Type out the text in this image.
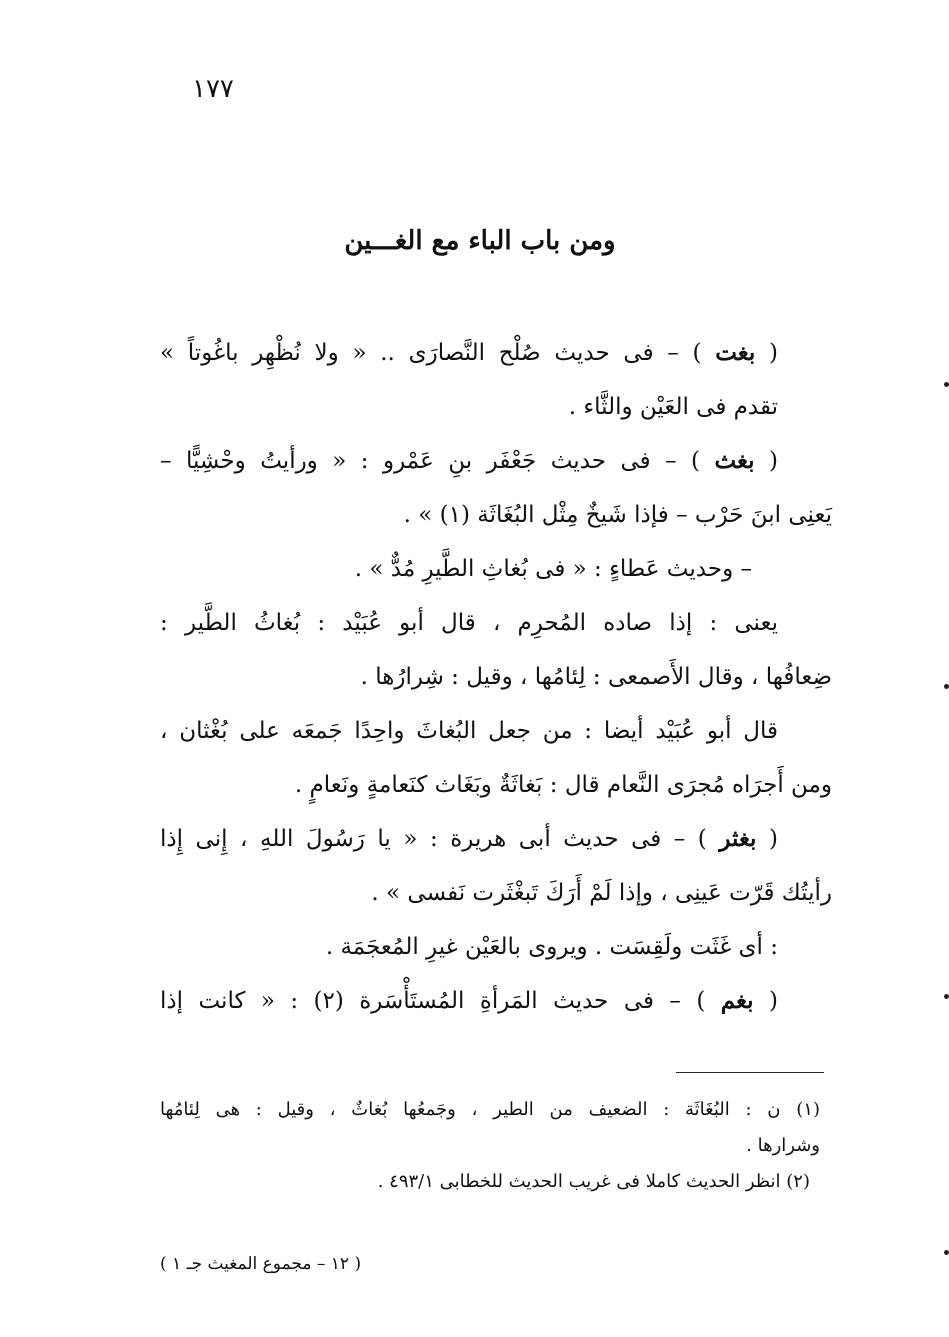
١٧٧
ومن باب الباء مع الغـــين
( بغت ) – فى حديث صُلْح النَّصارَى .. « ولا نُظْهِر باغُوتاً »
تقدم فى العَيْن والثَّاء .
( بغث ) – فى حديث جَعْفَر بنِ عَمْرو : « ورأيتُ وحْشِيًّا –
يَعنِى ابنَ حَرْب – فإذا شَيخٌ مِثْل البُغَاثَة (١) » .
– وحديث عَطاءٍ : « فى بُغاثِ الطَّيرِ مُدٌّ » .
يعنى : إذا صاده المُحرِم ، قال أبو عُبَيْد : بُغاثُ الطَّير :
ضِعافُها ، وقال الأَصمعى : لِئامُها ، وقيل : شِرارُها .
قال أبو عُبَيْد أيضا : من جعل البُغاثَ واحِدًا جَمعَه على بُغْثان ،
ومن أَجرَاه مُجرَى النَّعام قال : بَغاثَةٌ وبَغَاث كنَعامةٍ ونَعامٍ .
( بغثر ) – فى حديث أبى هريرة : « يا رَسُولَ اللهِ ، إِنى إِذا
رأيتُك قَرّت عَينِى ، وإذا لَمْ أَرَكَ تَبغْثَرت نَفسى » .
: أى غَثَت ولَقِسَت . ويروى بالعَيْن غيرِ المُعجَمَة .
( بغم ) – فى حديث المَرأةِ المُستَأْسَرة (٢) : « كانت إذا
(١) ن : البُغَاثَة : الضعيف من الطير ، وجَمعُها بُغاثٌ ، وقيل : هى لِئامُها
وشرارها .
(٢) انظر الحديث كاملا فى غريب الحديث للخطابى ٤٩٣/١ .
( ١٢ – مجموع المغيث جـ ١ )
